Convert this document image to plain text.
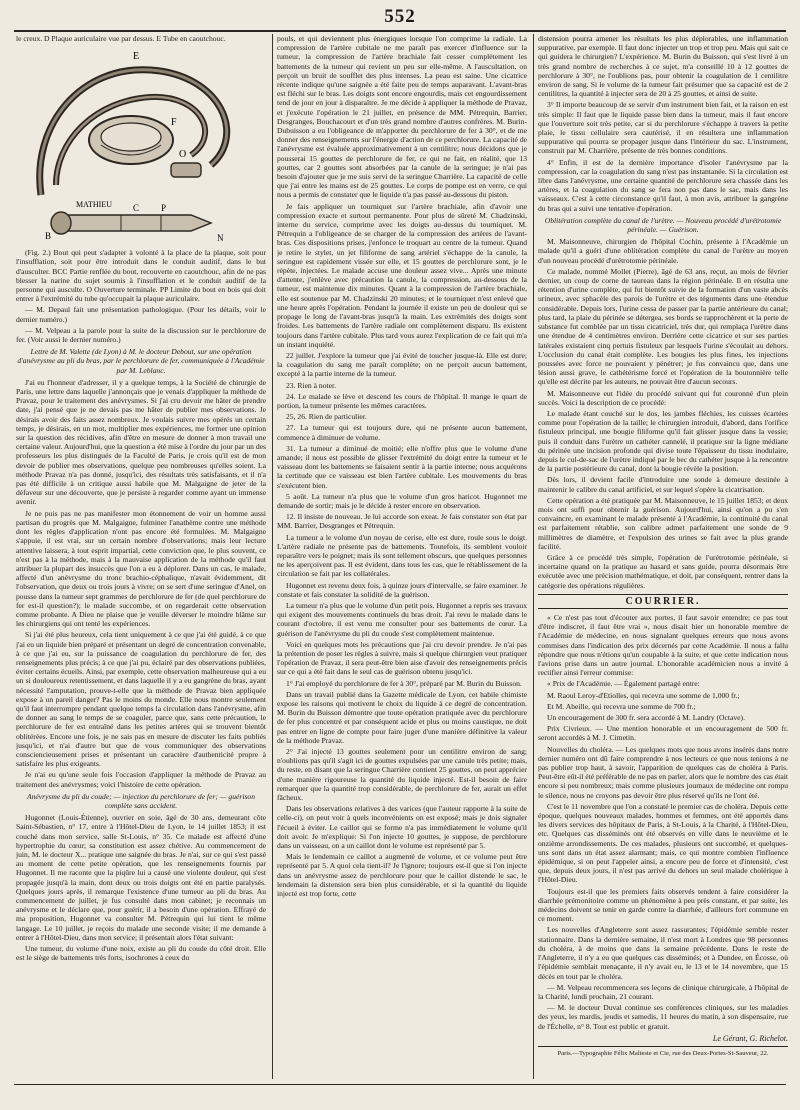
552

le creux. D Plaque auriculaire vue par dessus. E Tube en caoutchouc.

E
F
O
MATHIEU C P
B	N

(Fig. 2.) Bout qui peut s'adapter à volonté à la place de la plaque, soit pour l'insufflation, soit pour être introduit dans le conduit auditif, dans le but d'ausculter. BCC Partie renflée du bout, recouverte en caoutchouc, afin de ne pas blesser la narine du sujet soumis à l'insufflation et le conduit auditif de la personne qui ausculte. O Ouverture terminale. PP Limite du bout en bois qui doit entrer à l'extrémité du tube qu'occupait la plaque auriculaire.

— M. Depaul fait une présentation pathologique. (Pour les détails, voir le dernier numéro.)

— M. Velpeau a la parole pour la suite de la discussion sur le perchlorure de fer. (Voir aussi le dernier numéro.)

Lettre de M. Valette (de Lyon) à M. le docteur Debout, sur une opération d'anévrysme au pli du bras, par le perchlorure de fer, communiquée à l'Académie par M. Leblanc.

J'ai eu l'honneur d'adresser, il y a quelque temps, à la Société de chirurgie de Paris, une lettre dans laquelle j'annonçais que je venais d'appliquer la méthode de Pravaz, pour le traitement des anévrysmes. Si j'ai cru devoir me hâter de prendre date, j'ai pensé que je ne devais pas me hâter de publier mes observations. Je désirais avoir des faits assez nombreux. Je voulais suivre mes opérés un certain temps, je désirais, en un mot, multiplier mes expériences, me former une opinion sur la question des récidives, afin d'être en mesure de donner à mon travail une certaine valeur. Aujourd'hui, que la question a été mise à l'ordre du jour par un des professeurs les plus distingués de la Faculté de Paris, je crois qu'il est de mon devoir de publier mes observations, quelque peu nombreuses qu'elles soient. La méthode Pravaz n'a pas donné, jusqu'ici, des résultats très satisfaisants, et il n'a pas été difficile à un critique aussi habile que M. Malgaigne de jeter de la défaveur sur une découverte, que je persiste à regarder comme ayant un immense avenir.

Je ne puis pas ne pas manifester mon étonnement de voir un homme aussi partisan du progrès que M. Malgaigne, fulminer l'anathème contre une méthode dont les règles d'application n'ont pas encore été formulées. M. Malgaigne s'appuie, il est vrai, sur un certain nombre d'observations; mais leur lecture attentive laissera, à tout esprit impartial, cette conviction que, le plus souvent, ce n'est pas à la méthode, mais à la mauvaise application de la méthode qu'il faut attribuer la plupart des insuccès que l'on a eu à déplorer. Dans un cas, le malade, affecté d'un anévrysme du tronc brachio-céphalique, n'avait évidemment, dit l'observation, que deux ou trois jours à vivre; on se sert d'une seringue d'Anel, on pousse dans la tumeur sept grammes de perchlorure de fer (de quel perchlorure de fer est-il question?); le malade succombe, et on regarderait cette observation comme probante. A Dieu ne plaise que je veuille déverser le moindre blâme sur les chirurgiens qui ont tenté les expériences.

Si j'ai été plus heureux, cela tient uniquement à ce que j'ai été guidé, à ce que j'ai eu un liquide bien préparé et présentant un degré de concentration convenable, à ce que j'ai eu, sur la puissance de coagulation du perchlorure de fer, des renseignements plus précis; à ce que j'ai pu, éclairé par des observations publiées, éviter certains écueils. Ainsi, par exemple, cette observation malheureuse qui a eu un si douloureux retentissement, et dans laquelle il y a eu gangrène du bras, ayant nécessité l'amputation, prouve-t-elle que la méthode de Pravaz bien appliquée expose à un pareil danger? Pas le moins du monde. Elle nous montre seulement qu'il faut interrompre pendant quelque temps la circulation dans l'anévrysme, afin de donner au sang le temps de se coaguler, parce que, sans cette précaution, le perchlorure de fer est entraîné dans les petites artères qui se trouvent bientôt oblitérées. Encore une fois, je ne sais pas en mesure de discuter les faits publiés jusqu'ici, et n'ai d'autre but que de vous communiquer des observations consciencieusement prises et présentant un caractère d'authenticité propre à satisfaire les plus exigeants.

Je n'ai eu qu'une seule fois l'occasion d'appliquer la méthode de Pravaz au traitement des anévrysmes; voici l'histoire de cette opération.

Anévrysme du pli du coude; — injection du perchlorure de fer; — guérison complète sans accident.

Hugonnet (Louis-Étienne), ouvrier en soie, âgé de 30 ans, demeurant côte Saint-Sébastien, n° 17, entre à l'Hôtel-Dieu de Lyon, le 14 juillet 1853; il est couché dans mon service, salle St-Louis, n° 35. Ce malade est affecté d'une hypertrophie du cœur; sa constitution est assez chétive. Au commencement de juin, M. le docteur X... pratique une saignée du bras. Je n'ai, sur ce qui s'est passé au moment de cette petite opération, que les renseignements fournis par Hugonnet. Il me raconte que la piqûre lui a causé une violente douleur, qui s'est propagée jusqu'à la main, dont deux ou trois doigts ont été en partie paralysés. Quelques jours après, il remarque l'existence d'une tumeur au pli du bras. Au commencement de juillet, je fus consulté dans mon cabinet; je reconnais un anévrysme et le déclare que, pour guérir, il a besoin d'une opération. Effrayé de ma proposition, Hugonnet va consulter M. Pétrequin qui lui tient le même langage. Le 10 juillet, je reçois du malade une seconde visite; il me demande à entrer à l'Hôtel-Dieu, dans mon service; il présentait alors l'état suivant:

Une tumeur, du volume d'une noix, existe au pli du coude du côté droit. Elle est le siège de battements très forts, isochrones à ceux du

pouls, et qui deviennent plus énergiques lorsque l'on comprime la radiale. La compression de l'artère cubitale ne me paraît pas exercer d'influence sur la tumeur, la compression de l'artère brachiale fait cesser complètement les battements de la tumeur qui revient un peu sur elle-même. A l'auscultation, on perçoit un bruit de soufflet des plus intenses. La peau est saine. Une cicatrice récente indique qu'une saignée a été faite peu de temps auparavant. L'avant-bras est fléchi sur le bras. Les doigts sont encore engourdis, mais cet engourdissement tend de jour en jour à disparaître. Je me décide à appliquer la méthode de Pravaz, et j'exécute l'opération le 21 juillet, en présence de MM. Pétrequin, Barrier, Desgranges, Bouchacourt et d'un très grand nombre d'autres confrères. M. Burin-Dubuisson a eu l'obligeance de m'apporter du perchlorure de fer à 30°, et de me donner des renseignements sur l'énergie d'action de ce perchlorure. La capacité de l'anévrysme est évaluée approximativement à un centilitre; nous décidons que je pousserai 15 gouttes de perchlorure de fer, ce qui ne fait, en réalité, que 13 gouttes, car 2 gouttes sont absorbées par la canule de la seringue; je n'ai pas besoin d'ajouter que je me suis servi de la seringue Charrière. La capacité de celle que j'ai entre les mains est de 25 gouttes. Le corps de pompe est en verre, ce qui nous a permis de constater que le liquide n'a pas passé au-dessous du piston.

Je fais appliquer un tourniquet sur l'artère brachiale, afin d'avoir une compression exacte et surtout permanente. Pour plus de sûreté M. Chadzinski, interne du service, comprime avec les doigts au-dessus du tourniquet. M. Pétrequin a l'obligeance de se charger de la compression des artères de l'avant-bras. Ces dispositions prises, j'enfonce le troquart au centre de la tumeur. Quand je retire le stylet, un jet filiforme de sang artériel s'échappe de la canule, la seringue est rapidement vissée sur elle, et 15 gouttes de perchlorure sont, je le répète, injectées. Le malade accuse une douleur assez vive... Après une minute d'attente, j'enlève avec précaution la canule, la compression, au-dessous de la tumeur, est maintenue dix minutes. Quant à la compression de l'artère brachiale, elle est soutenue par M. Chadzinski 20 minutes; et le tourniquet n'est enlevé que une heure après l'opération. Pendant la journée il existe un peu de douleur qui se propage le long de l'avant-bras jusqu'à la main. Les extrémités des doigts sont froides. Les battements de l'artère radiale ont complètement disparu. Ils existent toujours dans l'artère cubitale. Plus tard vous aurez l'explication de ce fait qui m'a un instant inquiété.

22 juillet. J'explore la tumeur que j'ai évité de toucher jusque-là. Elle est dure; la coagulation du sang me paraît complète; on ne perçoit aucun battement, excepté à la partie interne de la tumeur.

23. Rien à noter.

24. Le malade se lève et descend les cours de l'hôpital. Il mange le quart de portion, la tumeur présente les mêmes caractères.

25, 26. Rien de particulier.

27. La tumeur qui est toujours dure, qui ne présente aucun battement, commence à diminuer de volume.

31. La tumeur a diminué de moitié; elle n'offre plus que le volume d'une amande; il nous est possible de glisser l'extrémité du doigt entre la tumeur et le vaisseau dont les battements se faisaient sentir à la partie interne; nous acquérons la certitude que ce vaisseau est bien l'artère cubitale. Les mouvements du bras s'exécutent bien.

5 août. La tumeur n'a plus que le volume d'un gros haricot. Hugonnet me demande de sortir; mais je le décide à rester encore en observation.

12. Il insiste de nouveau. Je lui accorde son exeat. Je fais constater son état par MM. Barrier, Desgranges et Pétrequin.

La tumeur a le volume d'un noyau de cerise, elle est dure, roule sous le doigt. L'artère radiale ne présente pas de battements. Toutefois, ils semblent vouloir reparaître vers le poignet; mais ils sont tellement obscurs, que quelques personnes ne les aperçoivent pas. Il est évident, dans tous les cas, que le rétablissement de la circulation se fait par les collatérales.

Hugonnet est revenu deux fois, à quinze jours d'intervalle, se faire examiner. Je constate et fais constater la solidité de la guérison.

La tumeur n'a plus que le volume d'un petit pois. Hugonnet a repris ses travaux qui exigent des mouvements continuels du bras droit. J'ai revu le malade dans le courant d'octobre, il est venu me consulter pour ses battements de cœur. La guérison de l'anévrysme du pli du coude s'est complètement maintenue.

Voici en quelques mots les précautions que j'ai cru devoir prendre. Je n'ai pas la prétention de poser les règles à suivre, mais si quelque chirurgien veut pratiquer l'opération de Pravaz, il sera peut-être bien aise d'avoir des renseignements précis sur ce qui a été fait dans le seul cas de guérison obtenu jusqu'ici.

1° J'ai employé du perchlorure de fer à 30°, préparé par M. Burin du Buisson.

Dans un travail publié dans la Gazette médicale de Lyon, cet habile chimiste expose les raisons qui motivent le choix du liquide à ce degré de concentration. M. Burin du Buisson démontre que toute opération pratiquée avec du perchlorure de fer plus concentré et par conséquent acide et plus ou moins caustique, ne doit pas entrer en ligne de compte pour faire juger d'une manière définitive la valeur de la méthode Pravaz.

2° J'ai injecté 13 gouttes seulement pour un centilitre environ de sang; n'oublions pas qu'il s'agit ici de gouttes expulsées par une canule très petite; mais, du reste, en disant que la seringue Charrière contient 25 gouttes, on peut apprécier d'une manière rigoureuse la quantité du liquide injecté. Est-il besoin de faire remarquer que la quantité trop considérable, de perchlorure de fer, aurait un effet fâcheux.

Dans les observations relatives à des varices (que l'auteur rapporte à la suite de celle-ci), on peut voir à quels inconvénients on est exposé; mais je dois signaler l'écueil à éviter. Le caillot qui se forme n'a pas immédiatement le volume qu'il doit avoir. Je m'explique: Si l'on injecte 10 gouttes, je suppose, de perchlorure dans un vaisseau, on a un caillot dont le volume est représenté par 5.

Mais le lendemain ce caillot a augmenté de volume, et ce volume peut être représenté par 5. A quoi cela tient-il? Je l'ignore; toujours est-il que si l'on injecte dans un anévrysme assez de perchlorure pour que le caillot distende le sac, le lendemain la distension sera bien plus considérable, et si la quantité du liquide injecté est trop forte, cette

distension pourra amener les résultats les plus déplorables, une inflammation suppurative, par exemple. Il faut donc injecter un trop et trop peu. Mais qui sait ce qui guidera le chirurgien? L'expérience. M. Burin du Buisson, qui s'est livré à un très grand nombre de recherches à ce sujet, m'a conseillé 10 à 12 gouttes de perchlorure à 30°, ne l'oublions pas, pour obtenir la coagulation de 1 centilitre environ de sang. Si le volume de la tumeur fait présumer que sa capacité est de 2 centilitres, la quantité à injecter sera de 20 à 25 gouttes, et ainsi de suite.

3° Il importe beaucoup de se servir d'un instrument bien fait, et la raison en est très simple: Il faut que le liquide passe bien dans la tumeur, mais il faut encore que l'ouverture soit très petite, car si du perchlorure s'échappe à travers la petite plaie, le tissu cellulaire sera cautérisé, il en résultera une inflammation suppurative qui pourra se propager jusque dans l'intérieur du sac. L'instrument, construit par M. Charrière, présente de très bonnes conditions.

4° Enfin, il est de la dernière importance d'isoler l'anévrysme par la compression, car la coagulation du sang n'est pas instantanée. Si la circulation est libre dans l'anévrysme, une certaine quantité de perchlorure sera chassée dans les artères, et la coagulation du sang se fera non pas dans le sac, mais dans les vaisseaux. C'est à cette circonstance qu'il faut, à mon avis, attribuer la gangrène du bras qui a suivi une tentative d'opération.

Oblitération complète du canal de l'urètre. — Nouveau procédé d'urétrotomie périnéale. — Guérison.

M. Maisonneuve, chirurgien de l'hôpital Cochin, présente à l'Académie un malade qu'il a guéri d'une oblitération complète du canal de l'urètre au moyen d'un nouveau procédé d'urétrotomie périnéale.

Ce malade, nommé Mollet (Pierre), âgé de 63 ans, reçut, au mois de février dernier, un coup de corne de taureau dans la région périnéale. Il en résulta une rétention d'urine complète, qui fut bientôt suivie de la formation d'un vaste abcès urineux, avec sphacèle des parois de l'urètre et des téguments dans une étendue considérable. Depuis lors, l'urine cessa de passer par la partie antérieure du canal; plus tard, la plaie du périnée se détergea, ses bords se rapprochèrent et la perte de substance fut comblée par un tissu cicatriciel, très dur, qui remplaça l'urètre dans une étendue de 4 centimètres environ. Derrière cette cicatrice et sur ses parties latérales existaient cinq pertuis fistuleux par lesquels l'urine s'écoulait au dehors. L'occlusion du canal était complète. Les bougies les plus fines, les injections poussées avec force ne pouvaient y pénétrer; je fus convaincu que, dans une lésion aussi grave, le cathétérisme forcé et l'opération de la boutonnière telle qu'elle est décrite par les auteurs, ne pouvait être d'aucun secours.

M. Maisonneuve eut l'idée du procédé suivant qui fut couronné d'un plein succès. Voici la description de ce procédé:

Le malade étant couché sur le dos, les jambes fléchies, les cuisses écartées comme pour l'opération de la taille; le chirurgien introduit, d'abord, dans l'orifice fistuleux principal, une bougie filiforme qu'il fait glisser jusque dans la vessie; puis il conduit dans l'urètre un cathéter cannelé, il pratique sur la ligne médiane du périnée une incision profonde qui divise toute l'épaisseur du tissu inodulaire, depuis le cul-de-sac de l'urètre indiqué par le bec du cathéter jusque à la rencontre de la partie postérieure du canal, dont la bougie révèle la position.

Dès lors, il devient facile d'introduire une sonde à demeure destinée à maintenir le calibre du canal artificiel, et sur lequel s'opère la cicatrisation.

Cette opération a été pratiquée par M. Maisonneuve, le 15 juillet 1853; et deux mois ont suffi pour obtenir la guérison. Aujourd'hui, ainsi qu'on a pu s'en convaincre, en examinant le malade présenté à l'Académie, la continuité du canal est parfaitement rétablie, son calibre admet parfaitement une sonde de 9 millimètres de diamètre, et l'expulsion des urines se fait avec la plus grande facilité.

Grâce à ce procédé très simple, l'opération de l'urétrotomie périnéale, si incertaine quand on la pratique au hasard et sans guide, pourra désormais être exécutée avec une précision mathématique, et doit, par conséquent, rentrer dans la catégorie des opérations régulières.

COURRIER.

« Ce n'est pas tout d'écouter aux portes, il faut savoir entendre; ce pas tout d'être indiscret, il faut être vrai », nous disait hier un honorable membre de l'Académie de médecine, en nous signalant quelques erreurs que nous avons commises dans l'indication des prix décernés par cette Académie. Il nous a fallu répondre que nous n'étions qu'un coupable à la suite, et que cette indication nous l'avions prise dans un autre journal. L'honorable académicien nous a invité à rectifier ainsi l'erreur commise:

« Prix de l'Académie. — Également partagé entre:

M. Raoul Leroy-d'Etiolles, qui recevra une somme de 1,000 fr.;

Et M. Abeille, qui recevra une somme de 700 fr.;

Un encouragement de 300 fr. sera accordé à M. Landry (Octave).

Prix Civrieux. — Une mention honorable et un encouragement de 500 fr. seront accordés à M. J. Cimetin.

Nouvelles du choléra. — Les quelques mots que nous avons insérés dans notre dernier numéro ont dû faire comprendre à nos lecteurs ce que nous tenions à ne pas publier trop haut, à savoir, l'apparition de quelques cas de choléra à Paris. Peut-être eût-il été préférable de ne pas en parler, alors que le nombre des cas était encore si peu nombreux; mais comme plusieurs journaux de médecine ont rompu le silence, nous ne croyons pas devoir être plus réservé qu'ils ne l'ont été.

C'est le 11 novembre que l'on a constaté le premier cas de choléra. Depuis cette époque, quelques nouveaux malades, hommes et femmes, ont été apportés dans les divers services des hôpitaux de Paris, à St-Louis, à la Charité, à l'Hôtel-Dieu, etc. Quelques cas disséminés ont été observés en ville dans le neuvième et le onzième arrondissements. De ces malades, plusieurs ont succombé, et quelques-uns sont dans un état assez alarmant; mais, ce qui montre combien l'influence épidémique, si on peut l'appeler ainsi, a encore peu de force et d'intensité, c'est que, depuis deux jours, il n'est pas arrivé du dehors un seul malade cholérique à l'Hôtel-Dieu.

Toujours est-il que les premiers faits observés tendent à faire considérer la diarrhée prémonitoire comme un phénomène à peu près constant, et par suite, les médecins doivent se tenir en garde contre la diarrhée, d'ailleurs fort commune en ce moment.

Les nouvelles d'Angleterre sont assez rassurantes; l'épidémie semble rester stationnaire. Dans la dernière semaine, il n'est mort à Londres que 98 personnes du choléra, à de moins que dans la semaine précédente. Dans le reste de l'Angleterre, il n'y a eu que quelques cas disséminés; et à Dundee, en Écosse, où l'épidémie semblait menaçante, il n'y avait eu, le 13 et le 14 novembre, que 15 décès en tout par le choléra.

— M. Velpeau recommencera ses leçons de clinique chirurgicale, à l'hôpital de la Charité, lundi prochain, 21 courant.

— M. le docteur Duval continue ses conférences cliniques, sur les maladies des yeux, les mardis, jeudis et samedis, 11 heures du matin, à son dispensaire, rue de l'Échelle, n° 8. Tout est public et gratuit.

Le Gérant, G. Richelot.
Paris.—Typographie Félix Malteste et Cie, rue des Deux-Portes-St-Sauveur, 22.
